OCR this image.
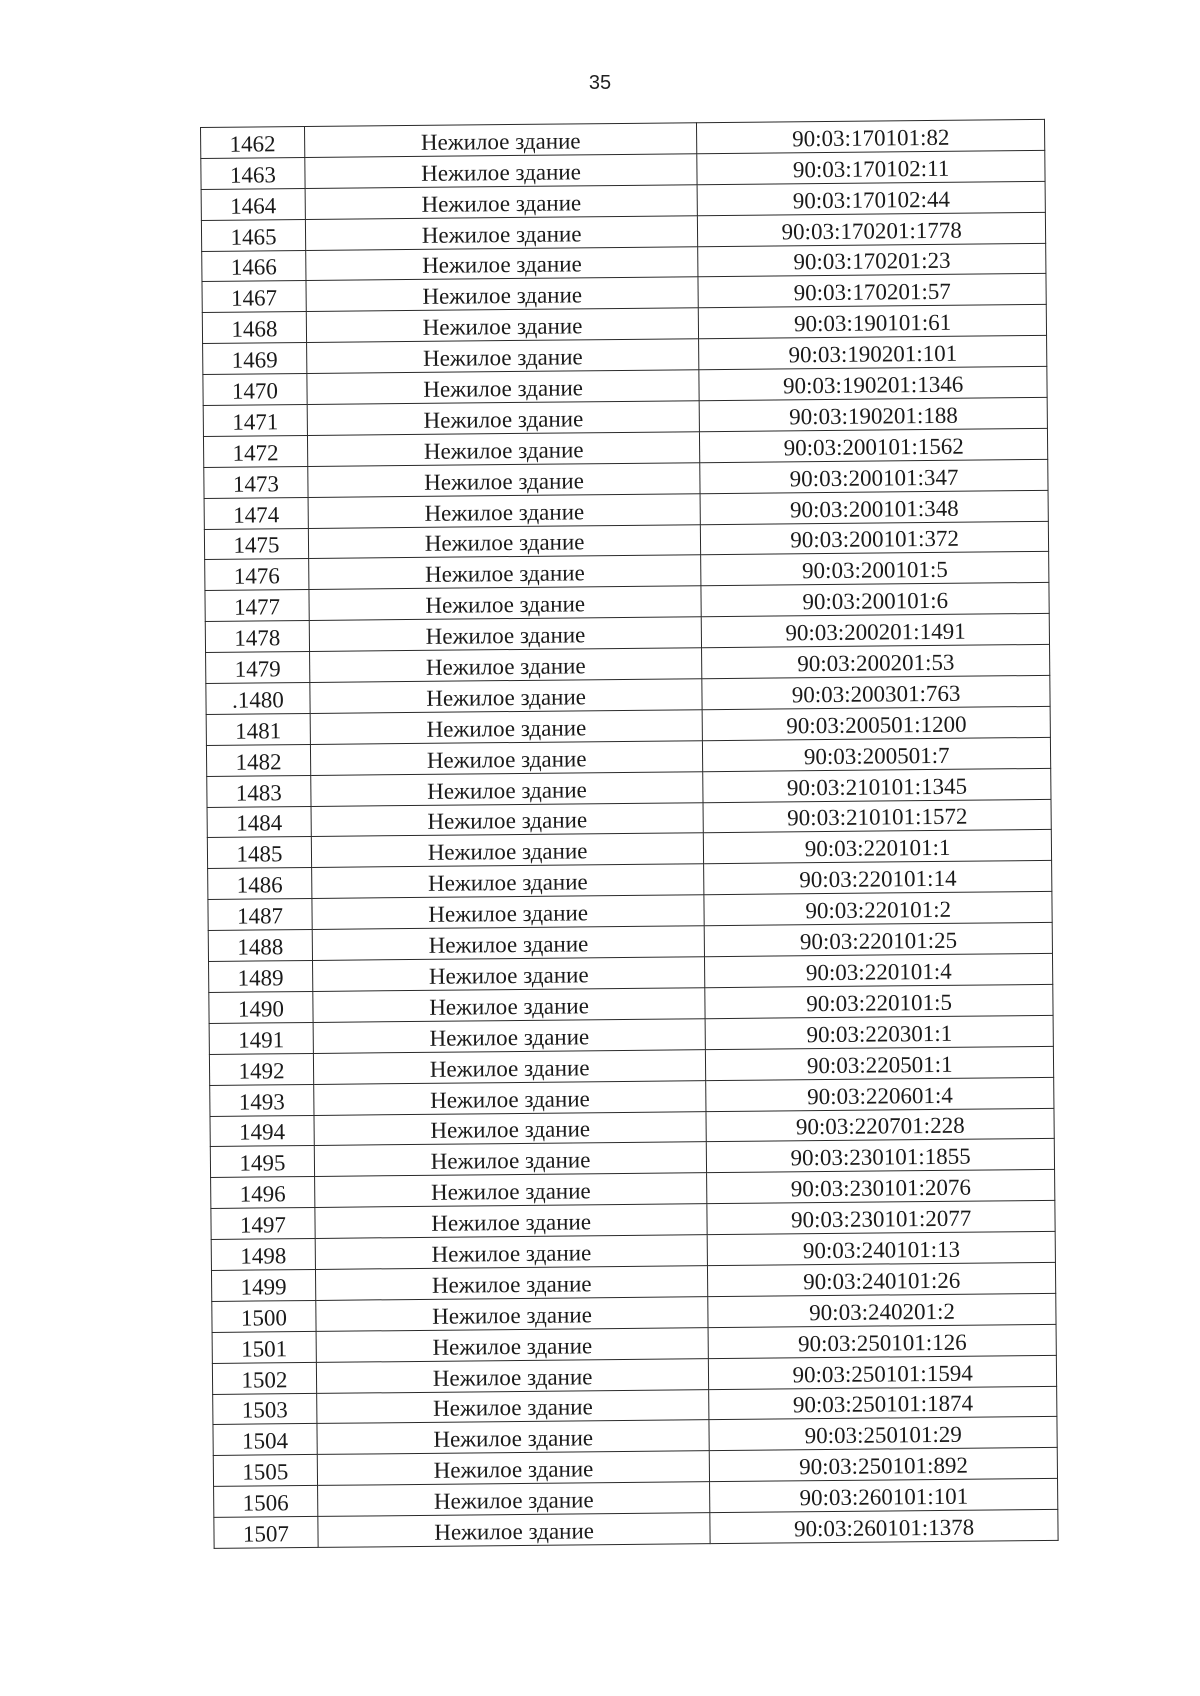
35
1462	Нежилое здание	90:03:170101:82
1463	Нежилое здание	90:03:170102:11
1464	Нежилое здание	90:03:170102:44
1465	Нежилое здание	90:03:170201:1778
1466	Нежилое здание	90:03:170201:23
1467	Нежилое здание	90:03:170201:57
1468	Нежилое здание	90:03:190101:61
1469	Нежилое здание	90:03:190201:101
1470	Нежилое здание	90:03:190201:1346
1471	Нежилое здание	90:03:190201:188
1472	Нежилое здание	90:03:200101:1562
1473	Нежилое здание	90:03:200101:347
1474	Нежилое здание	90:03:200101:348
1475	Нежилое здание	90:03:200101:372
1476	Нежилое здание	90:03:200101:5
1477	Нежилое здание	90:03:200101:6
1478	Нежилое здание	90:03:200201:1491
1479	Нежилое здание	90:03:200201:53
.1480	Нежилое здание	90:03:200301:763
1481	Нежилое здание	90:03:200501:1200
1482	Нежилое здание	90:03:200501:7
1483	Нежилое здание	90:03:210101:1345
1484	Нежилое здание	90:03:210101:1572
1485	Нежилое здание	90:03:220101:1
1486	Нежилое здание	90:03:220101:14
1487	Нежилое здание	90:03:220101:2
1488	Нежилое здание	90:03:220101:25
1489	Нежилое здание	90:03:220101:4
1490	Нежилое здание	90:03:220101:5
1491	Нежилое здание	90:03:220301:1
1492	Нежилое здание	90:03:220501:1
1493	Нежилое здание	90:03:220601:4
1494	Нежилое здание	90:03:220701:228
1495	Нежилое здание	90:03:230101:1855
1496	Нежилое здание	90:03:230101:2076
1497	Нежилое здание	90:03:230101:2077
1498	Нежилое здание	90:03:240101:13
1499	Нежилое здание	90:03:240101:26
1500	Нежилое здание	90:03:240201:2
1501	Нежилое здание	90:03:250101:126
1502	Нежилое здание	90:03:250101:1594
1503	Нежилое здание	90:03:250101:1874
1504	Нежилое здание	90:03:250101:29
1505	Нежилое здание	90:03:250101:892
1506	Нежилое здание	90:03:260101:101
1507	Нежилое здание	90:03:260101:1378
